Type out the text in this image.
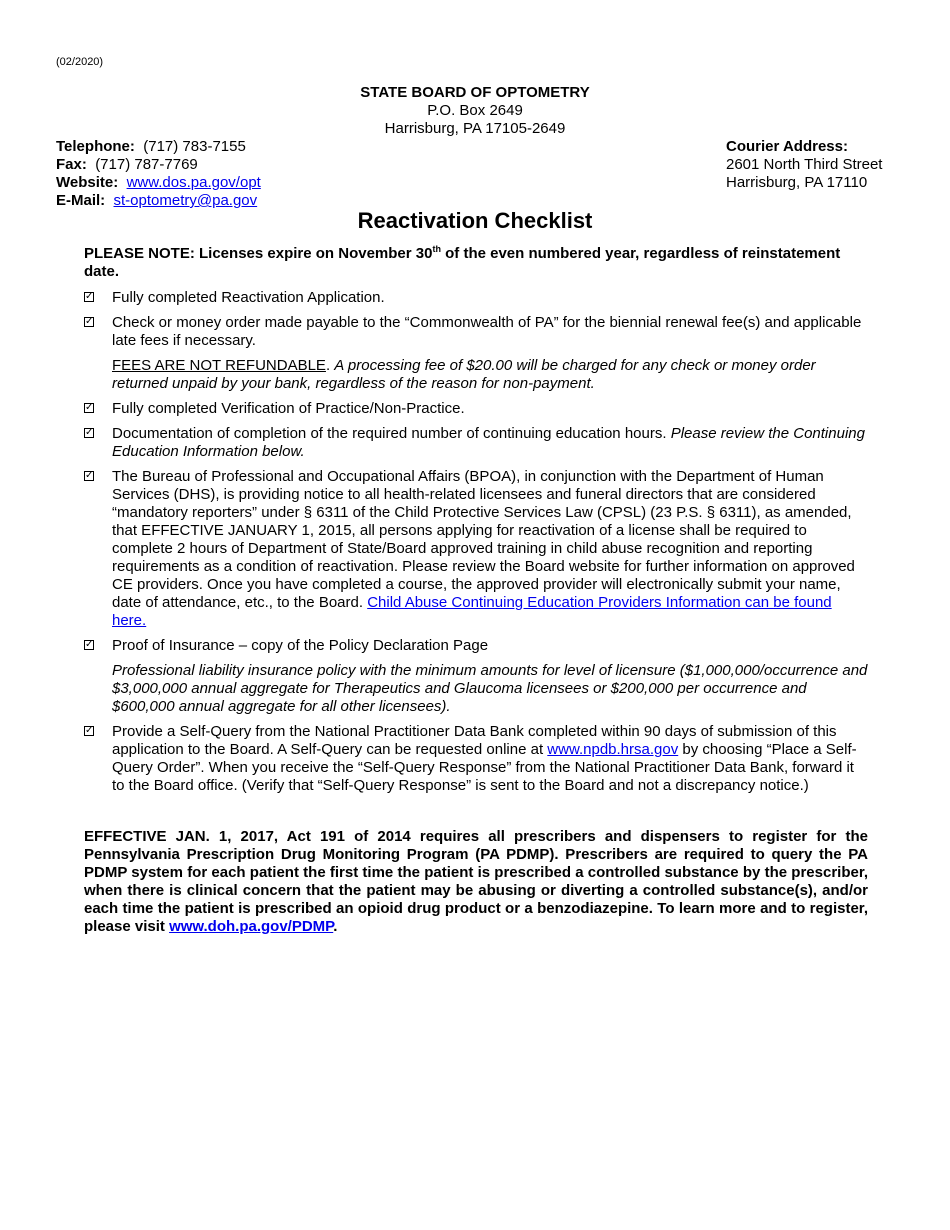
(02/2020)
STATE BOARD OF OPTOMETRY
P.O. Box 2649
Harrisburg, PA 17105-2649
Telephone: (717) 783-7155
Fax: (717) 787-7769
Website: www.dos.pa.gov/opt
E-Mail: st-optometry@pa.gov
Courier Address:
2601 North Third Street
Harrisburg, PA 17110
Reactivation Checklist
PLEASE NOTE: Licenses expire on November 30th of the even numbered year, regardless of reinstatement date.
✓ Fully completed Reactivation Application.
✓ Check or money order made payable to the “Commonwealth of PA” for the biennial renewal fee(s) and applicable late fees if necessary.
FEES ARE NOT REFUNDABLE. A processing fee of $20.00 will be charged for any check or money order returned unpaid by your bank, regardless of the reason for non-payment.
✓ Fully completed Verification of Practice/Non-Practice.
✓ Documentation of completion of the required number of continuing education hours. Please review the Continuing Education Information below.
✓ The Bureau of Professional and Occupational Affairs (BPOA), in conjunction with the Department of Human Services (DHS), is providing notice to all health-related licensees and funeral directors that are considered “mandatory reporters” under § 6311 of the Child Protective Services Law (CPSL) (23 P.S. § 6311), as amended, that EFFECTIVE JANUARY 1, 2015, all persons applying for reactivation of a license shall be required to complete 2 hours of Department of State/Board approved training in child abuse recognition and reporting requirements as a condition of reactivation. Please review the Board website for further information on approved CE providers. Once you have completed a course, the approved provider will electronically submit your name, date of attendance, etc., to the Board. Child Abuse Continuing Education Providers Information can be found here.
✓ Proof of Insurance – copy of the Policy Declaration Page
Professional liability insurance policy with the minimum amounts for level of licensure ($1,000,000/occurrence and $3,000,000 annual aggregate for Therapeutics and Glaucoma licensees or $200,000 per occurrence and $600,000 annual aggregate for all other licensees).
✓ Provide a Self-Query from the National Practitioner Data Bank completed within 90 days of submission of this application to the Board. A Self-Query can be requested online at www.npdb.hrsa.gov by choosing “Place a Self-Query Order”. When you receive the “Self-Query Response” from the National Practitioner Data Bank, forward it to the Board office. (Verify that “Self-Query Response” is sent to the Board and not a discrepancy notice.)
EFFECTIVE JAN. 1, 2017, Act 191 of 2014 requires all prescribers and dispensers to register for the Pennsylvania Prescription Drug Monitoring Program (PA PDMP). Prescribers are required to query the PA PDMP system for each patient the first time the patient is prescribed a controlled substance by the prescriber, when there is clinical concern that the patient may be abusing or diverting a controlled substance(s), and/or each time the patient is prescribed an opioid drug product or a benzodiazepine. To learn more and to register, please visit www.doh.pa.gov/PDMP.
